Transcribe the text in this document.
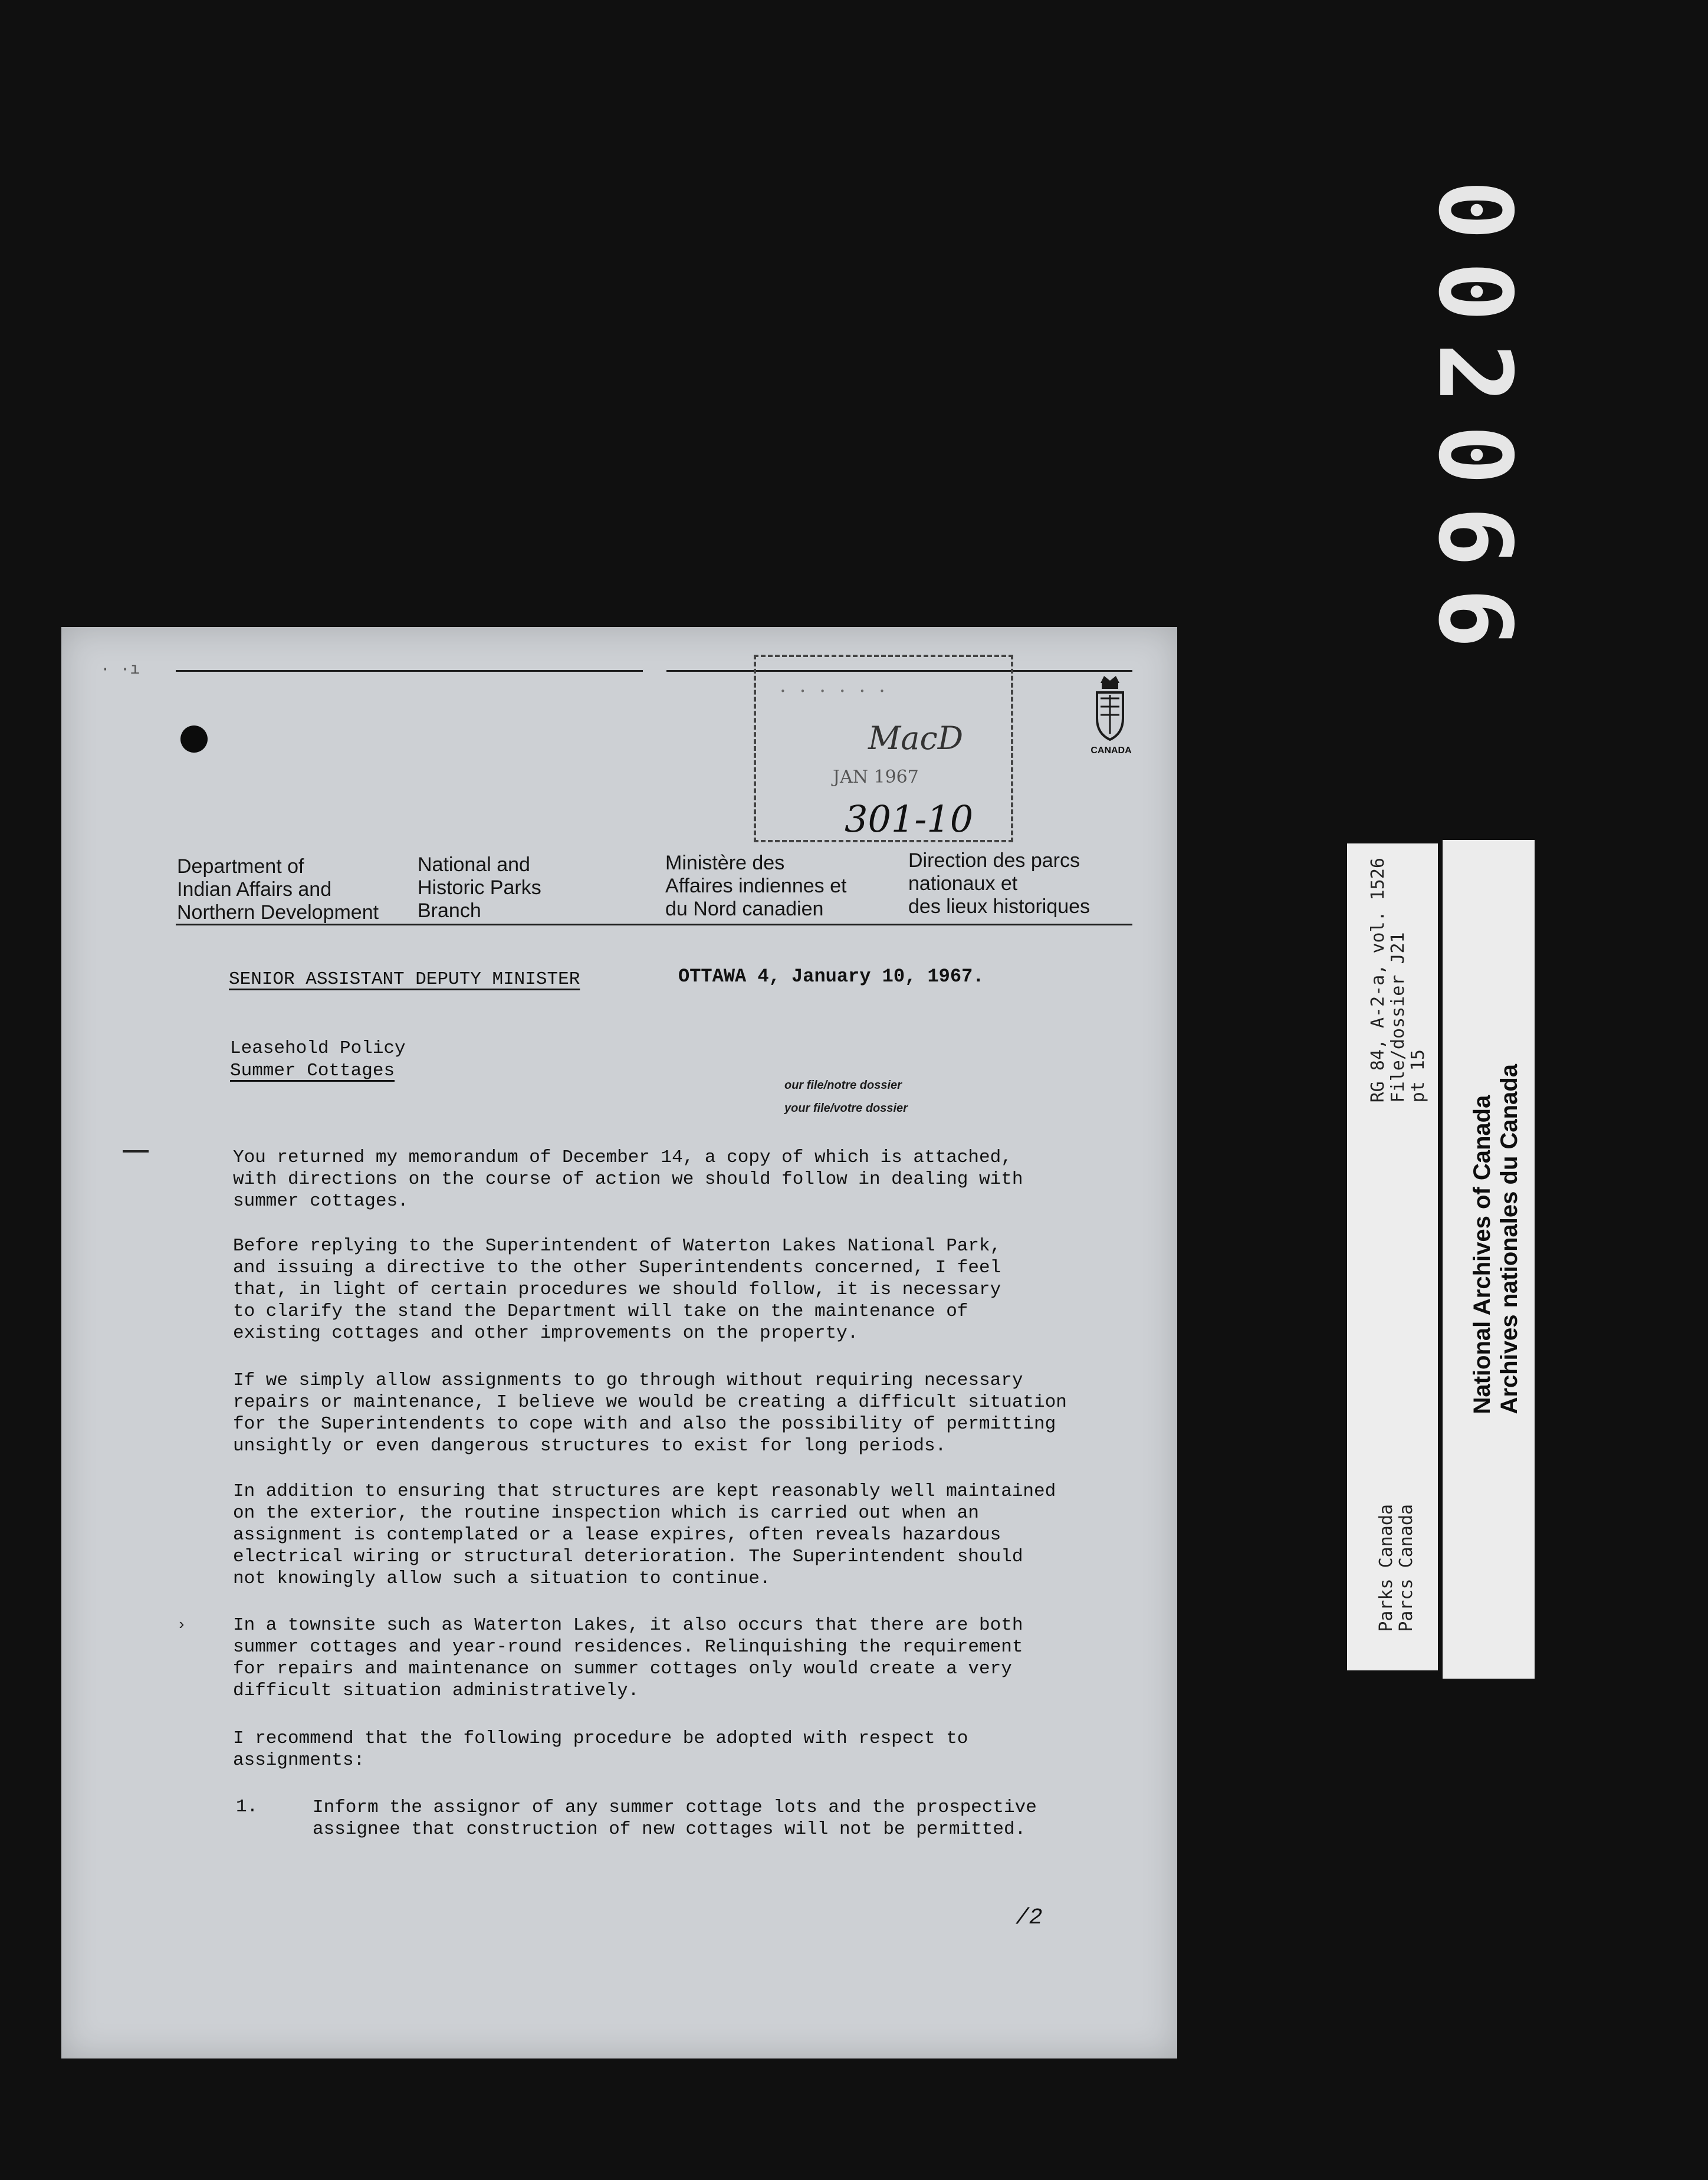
002066
· ·ı
· · · · · ·
MacD
JAN 1967
301-10
CANADA
Department of
Indian Affairs and
Northern Development
National and
Historic Parks
Branch
Ministère des
Affaires indiennes et
du Nord canadien
Direction des parcs
nationaux et
des lieux historiques
SENIOR ASSISTANT DEPUTY MINISTER	OTTAWA 4, January 10, 1967.
Leasehold Policy
Summer Cottages
our file/notre dossier
your file/votre dossier
›
You returned my memorandum of December 14, a copy of which is attached,
with directions on the course of action we should follow in dealing with
summer cottages.
Before replying to the Superintendent of Waterton Lakes National Park,
and issuing a directive to the other Superintendents concerned, I feel
that, in light of certain procedures we should follow, it is necessary
to clarify the stand the Department will take on the maintenance of
existing cottages and other improvements on the property.
If we simply allow assignments to go through without requiring necessary
repairs or maintenance, I believe we would be creating a difficult situation
for the Superintendents to cope with and also the possibility of permitting
unsightly or even dangerous structures to exist for long periods.
In addition to ensuring that structures are kept reasonably well maintained
on the exterior, the routine inspection which is carried out when an
assignment is contemplated or a lease expires, often reveals hazardous
electrical wiring or structural deterioration. The Superintendent should
not knowingly allow such a situation to continue.
In a townsite such as Waterton Lakes, it also occurs that there are both
summer cottages and year-round residences. Relinquishing the requirement
for repairs and maintenance on summer cottages only would create a very
difficult situation administratively.
I recommend that the following procedure be adopted with respect to
assignments:
1.	Inform the assignor of any summer cottage lots and the prospective
assignee that construction of new cottages will not be permitted.
/2
RG 84, A-2-a, vol. 1526
File/dossier J21
pt 15
Parks Canada
Parcs Canada
National Archives of Canada
Archives nationales du Canada
